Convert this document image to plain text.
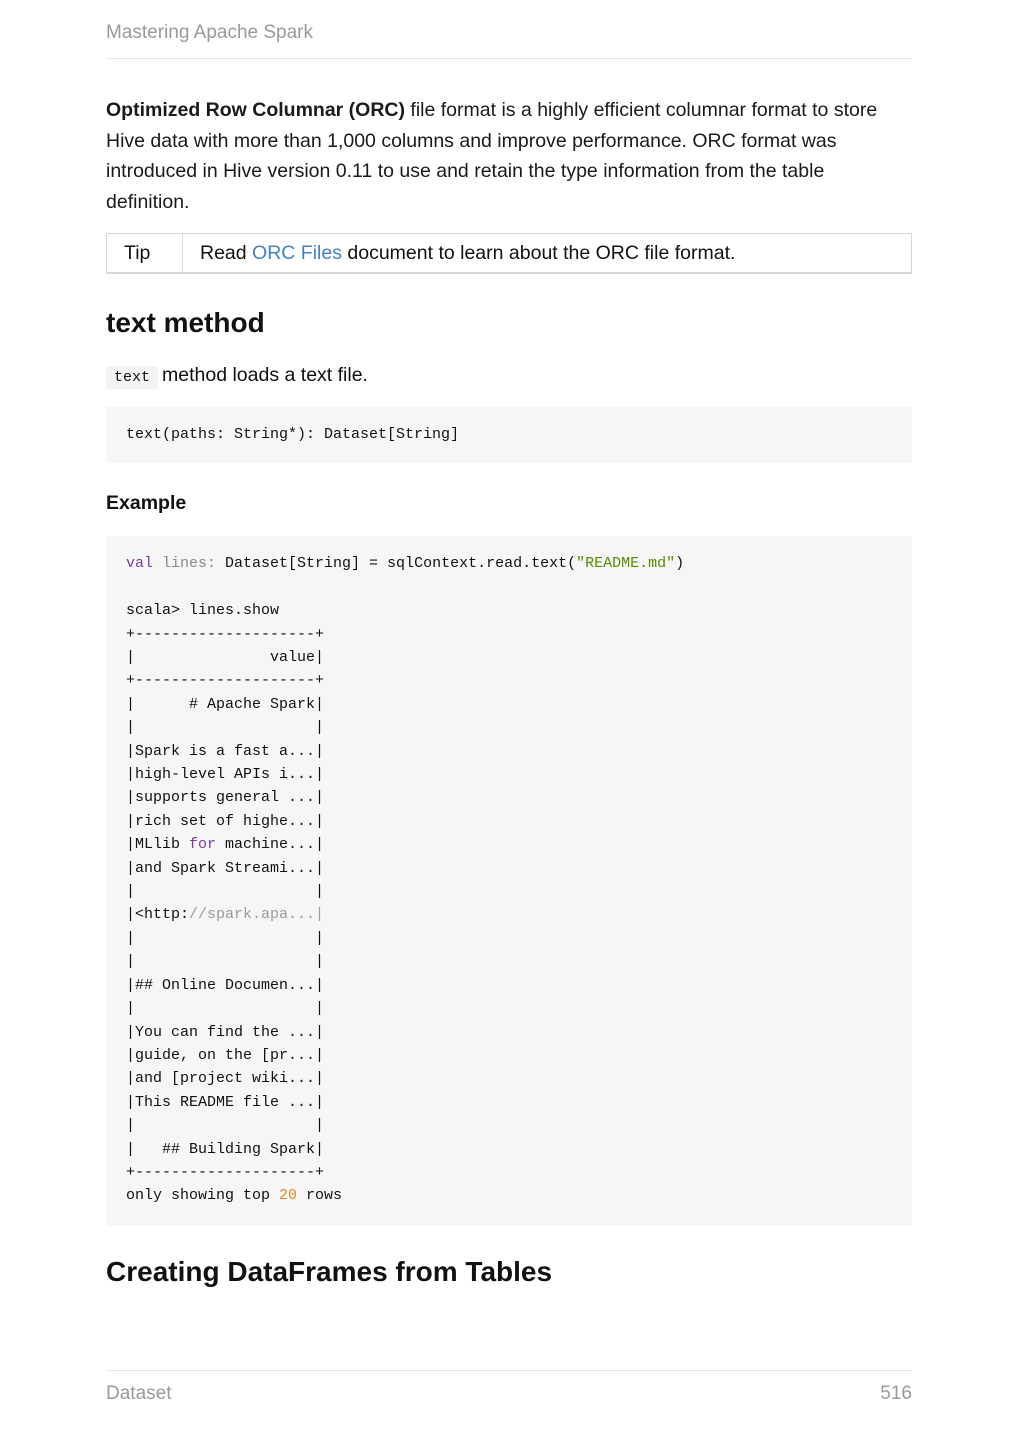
Mastering Apache Spark

Optimized Row Columnar (ORC) file format is a highly efficient columnar format to store Hive data with more than 1,000 columns and improve performance. ORC format was introduced in Hive version 0.11 to use and retain the type information from the table definition.

Tip	Read
ORC Files
document to learn about the ORC file format.
text method

text method loads a text file.

text(paths: String*): Dataset[String]
Example
val lines: Dataset[String] = sqlContext.read.text("README.md")

scala> lines.show
+--------------------+
|               value|
+--------------------+
|      # Apache Spark|
|                    |
|Spark is a fast a...|
|high-level APIs i...|
|supports general ...|
|rich set of highe...|
|MLlib for machine...|
|and Spark Streami...|
|                    |
|<http://spark.apa...|
|                    |
|                    |
|## Online Documen...|
|                    |
|You can find the ...|
|guide, on the [pr...|
|and [project wiki...|
|This README file ...|
|                    |
|   ## Building Spark|
+--------------------+
only showing top 20 rows
Creating DataFrames from Tables
Dataset	516
